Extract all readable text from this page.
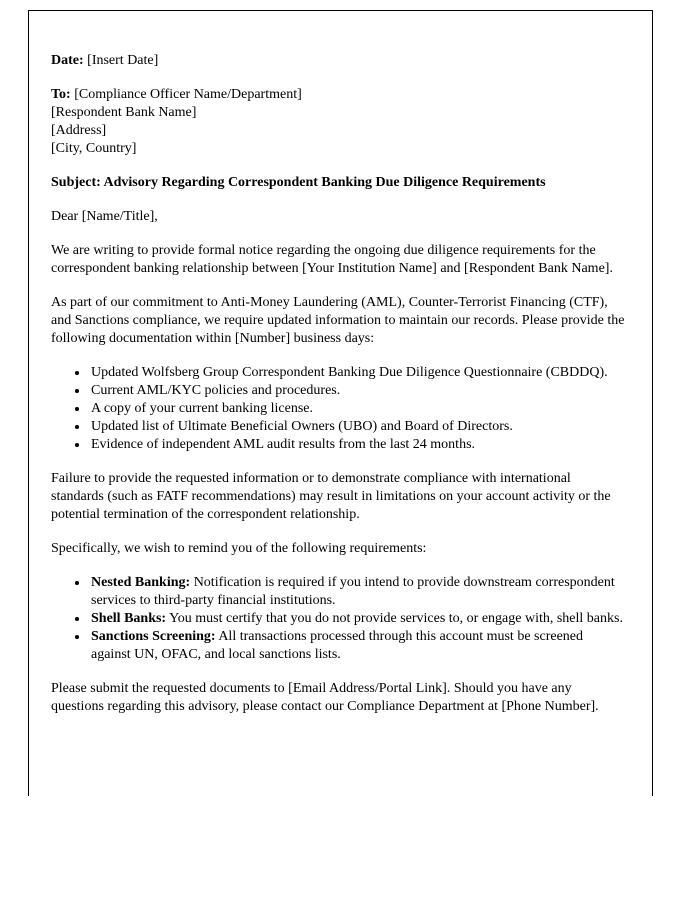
Date: [Insert Date]

To: [Compliance Officer Name/Department]
[Respondent Bank Name]
[Address]
[City, Country]

Subject: Advisory Regarding Correspondent Banking Due Diligence Requirements

Dear [Name/Title],

We are writing to provide formal notice regarding the ongoing due diligence requirements for the correspondent banking relationship between [Your Institution Name] and [Respondent Bank Name].

As part of our commitment to Anti-Money Laundering (AML), Counter-Terrorist Financing (CTF), and Sanctions compliance, we require updated information to maintain our records. Please provide the following documentation within [Number] business days:

• Updated Wolfsberg Group Correspondent Banking Due Diligence Questionnaire (CBDDQ).
• Current AML/KYC policies and procedures.
• A copy of your current banking license.
• Updated list of Ultimate Beneficial Owners (UBO) and Board of Directors.
• Evidence of independent AML audit results from the last 24 months.

Failure to provide the requested information or to demonstrate compliance with international standards (such as FATF recommendations) may result in limitations on your account activity or the potential termination of the correspondent relationship.

Specifically, we wish to remind you of the following requirements:

• Nested Banking: Notification is required if you intend to provide downstream correspondent services to third-party financial institutions.
• Shell Banks: You must certify that you do not provide services to, or engage with, shell banks.
• Sanctions Screening: All transactions processed through this account must be screened against UN, OFAC, and local sanctions lists.

Please submit the requested documents to [Email Address/Portal Link]. Should you have any questions regarding this advisory, please contact our Compliance Department at [Phone Number].
